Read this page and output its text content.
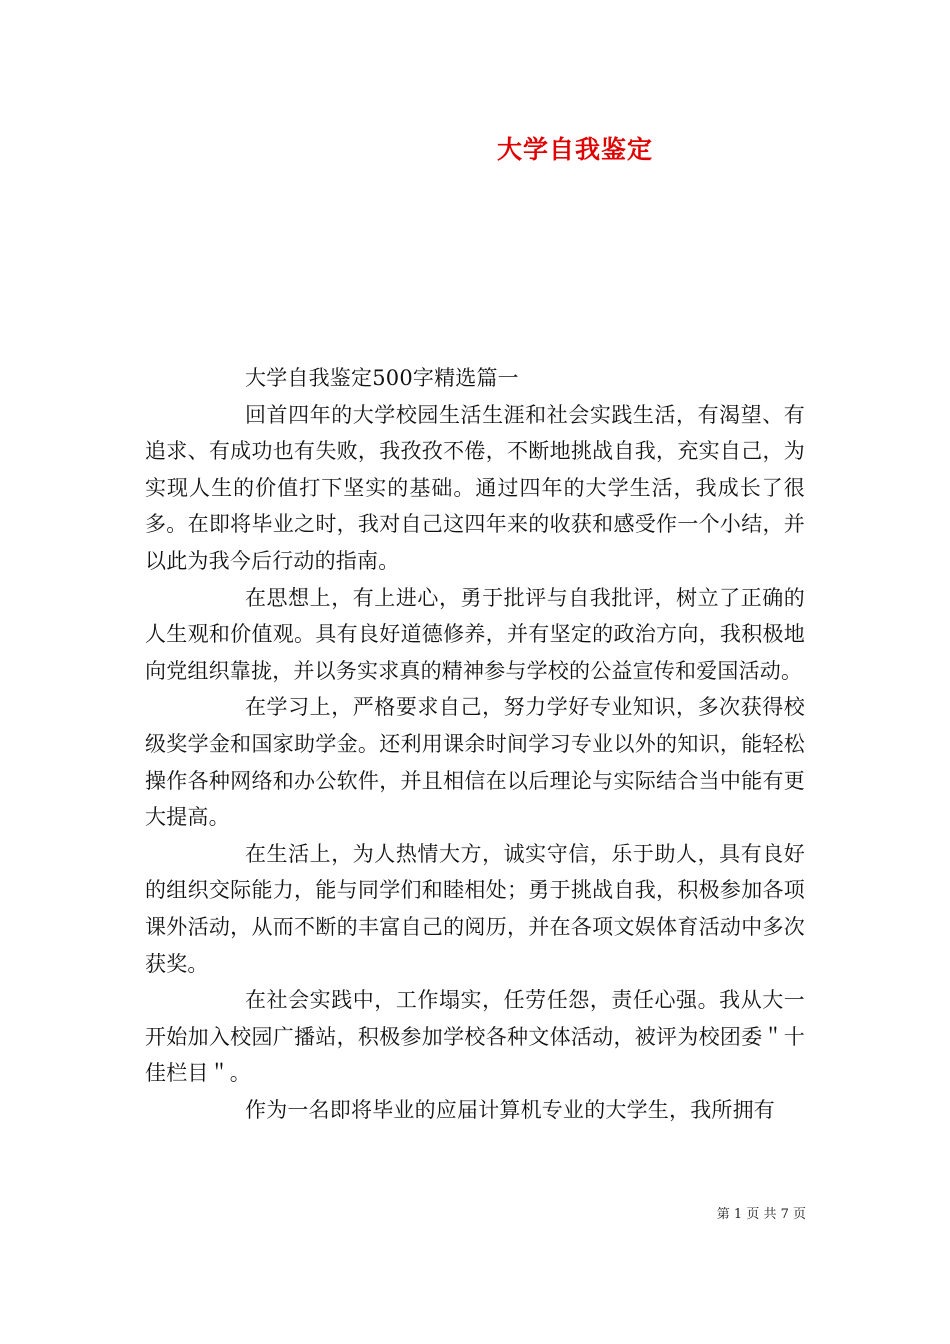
大学自我鉴定

大学自我鉴定500字精选篇一

回首四年的大学校园生活生涯和社会实践生活，有渴望、有追求、有成功也有失败，我孜孜不倦，不断地挑战自我，充实自己，为实现人生的价值打下坚实的基础。通过四年的大学生活，我成长了很多。在即将毕业之时，我对自己这四年来的收获和感受作一个小结，并以此为我今后行动的指南。

在思想上，有上进心，勇于批评与自我批评，树立了正确的人生观和价值观。具有良好道德修养，并有坚定的政治方向，我积极地向党组织靠拢，并以务实求真的精神参与学校的公益宣传和爱国活动。

在学习上，严格要求自己，努力学好专业知识，多次获得校级奖学金和国家助学金。还利用课余时间学习专业以外的知识，能轻松操作各种网络和办公软件，并且相信在以后理论与实际结合当中能有更大提高。

在生活上，为人热情大方，诚实守信，乐于助人，具有良好的组织交际能力，能与同学们和睦相处；勇于挑战自我，积极参加各项课外活动，从而不断的丰富自己的阅历，并在各项文娱体育活动中多次获奖。

在社会实践中，工作塌实，任劳任怨，责任心强。我从大一开始加入校园广播站，积极参加学校各种文体活动，被评为校团委＂十佳栏目＂。

作为一名即将毕业的应届计算机专业的大学生，我所拥有

第 1 页 共 7 页
